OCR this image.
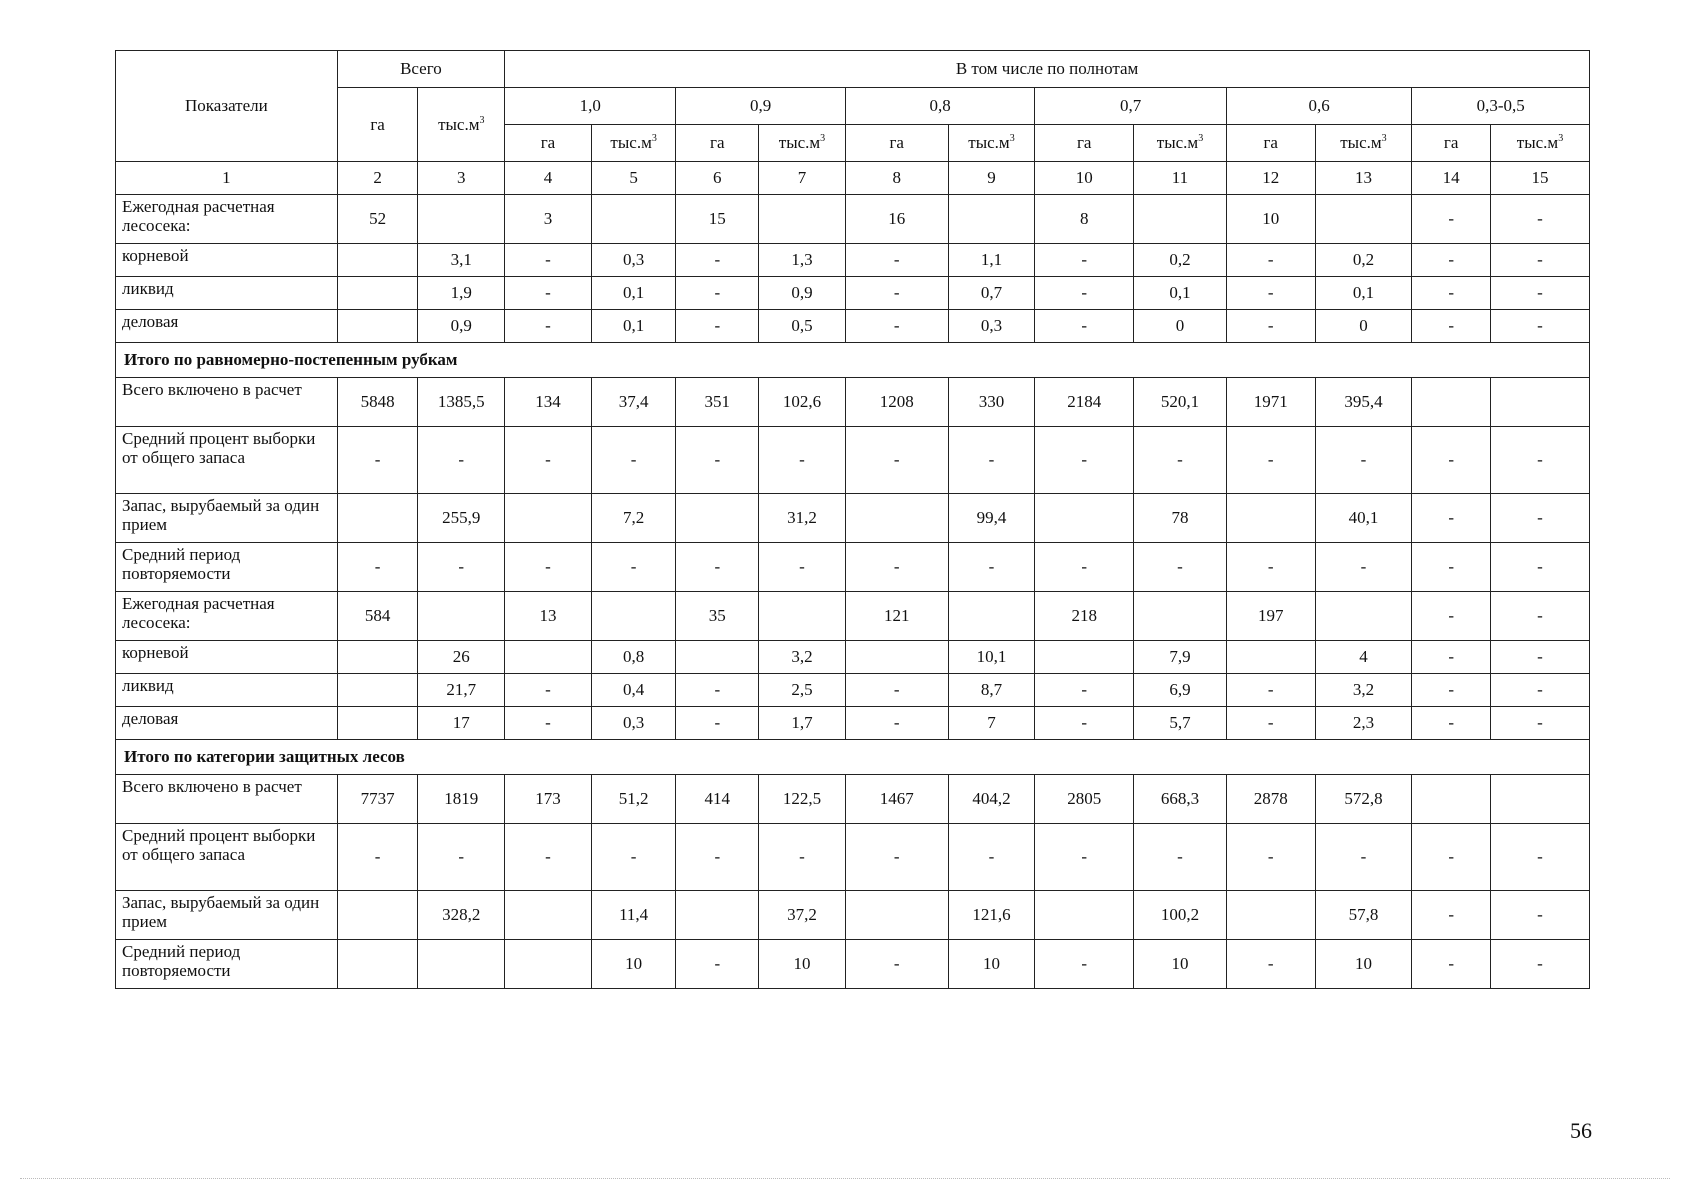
Показатели	Всего		В том числе по полнотам											
	га	$тыс.м^3$	1,0		0,9		0,8		0,7		0,6		0,3-0,5	
			га	$тыс.м^3$	га	$тыс.м^3$	га	$тыс.м^3$	га	$тыс.м^3$	га	$тыс.м^3$	га	$тыс.м^3$
1	2	3	4	5	6	7	8	9	10	11	12	13	14	15
Ежегодная расчетная лесосека:	52		3		15		16		8		10		-	-
корневой		3,1	-	0,3	-	1,3	-	1,1	-	0,2	-	0,2	-	-
ликвид		1,9	-	0,1	-	0,9	-	0,7	-	0,1	-	0,1	-	-
деловая		0,9	-	0,1	-	0,5	-	0,3	-	0	-	0	-	-
Итого по равномерно-постепенным рубкам														
Всего включено в расчет	5848	1385,5	134	37,4	351	102,6	1208	330	2184	520,1	1971	395,4		
Средний процент выборки от общего запаса	-	-	-	-	-	-	-	-	-	-	-	-	-	-
Запас, вырубаемый за один прием		255,9		7,2		31,2		99,4		78		40,1	-	-
Средний период повторяемости	-	-	-	-	-	-	-	-	-	-	-	-	-	-
Ежегодная расчетная лесосека:	584		13		35		121		218		197		-	-
корневой		26		0,8		3,2		10,1		7,9		4	-	-
ликвид		21,7	-	0,4	-	2,5	-	8,7	-	6,9	-	3,2	-	-
деловая		17	-	0,3	-	1,7	-	7	-	5,7	-	2,3	-	-
Итого по категории защитных лесов														
Всего включено в расчет	7737	1819	173	51,2	414	122,5	1467	404,2	2805	668,3	2878	572,8		
Средний процент выборки от общего запаса	-	-	-	-	-	-	-	-	-	-	-	-	-	-
Запас, вырубаемый за один прием		328,2		11,4		37,2		121,6		100,2		57,8	-	-
Средний период повторяемости				10	-	10	-	10	-	10	-	10	-	-
56
